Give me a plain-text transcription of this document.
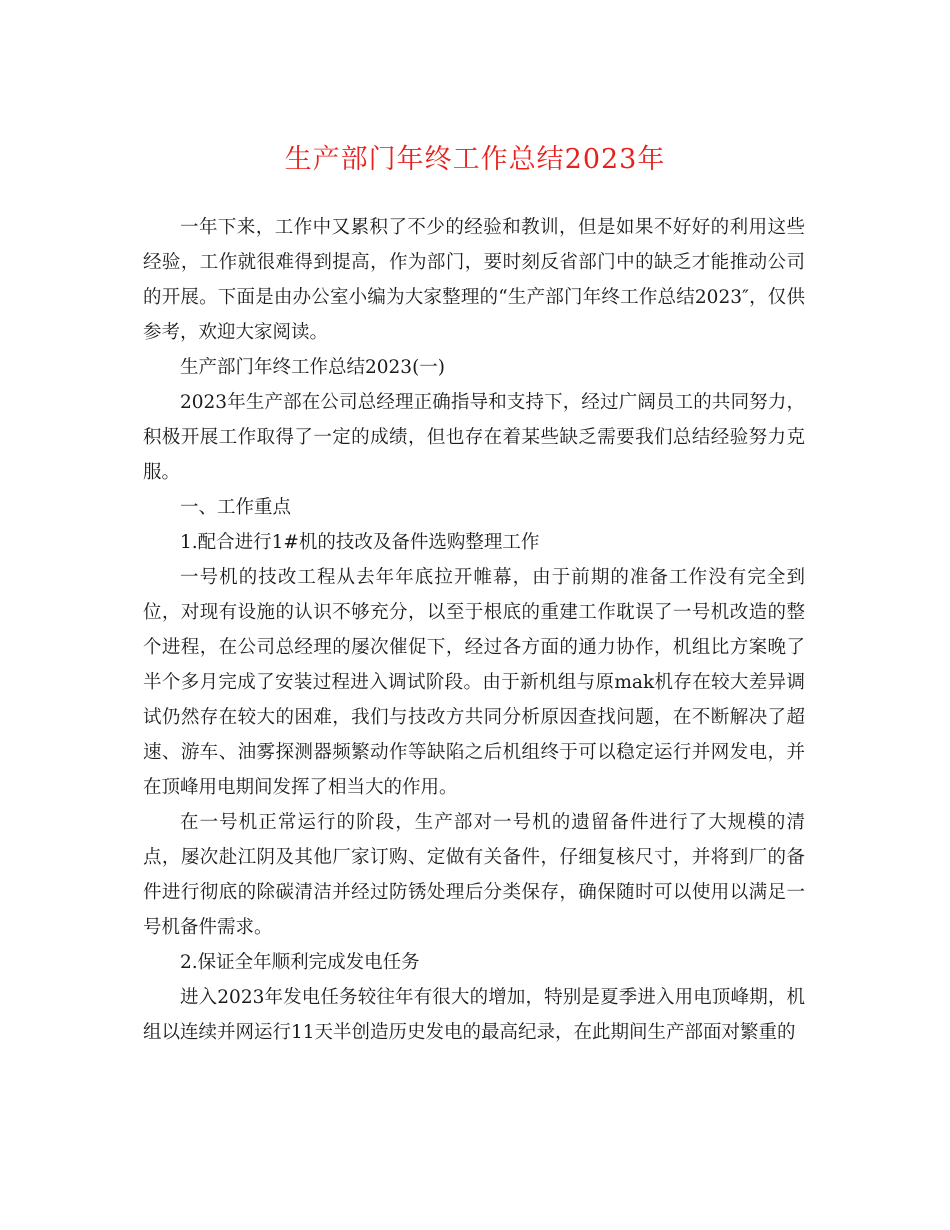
生产部门年终工作总结2023年

一年下来，工作中又累积了不少的经验和教训，但是如果不好好的利用这些经验，工作就很难得到提高，作为部门，要时刻反省部门中的缺乏才能推动公司的开展。下面是由办公室小编为大家整理的“生产部门年终工作总结2023″，仅供参考，欢迎大家阅读。

生产部门年终工作总结2023(一)

2023年生产部在公司总经理正确指导和支持下，经过广阔员工的共同努力，积极开展工作取得了一定的成绩，但也存在着某些缺乏需要我们总结经验努力克服。

一、工作重点

1.配合进行1#机的技改及备件选购整理工作

一号机的技改工程从去年年底拉开帷幕，由于前期的准备工作没有完全到位，对现有设施的认识不够充分，以至于根底的重建工作耽误了一号机改造的整个进程，在公司总经理的屡次催促下，经过各方面的通力协作，机组比方案晚了半个多月完成了安装过程进入调试阶段。由于新机组与原mak机存在较大差异调试仍然存在较大的困难，我们与技改方共同分析原因查找问题，在不断解决了超速、游车、油雾探测器频繁动作等缺陷之后机组终于可以稳定运行并网发电，并在顶峰用电期间发挥了相当大的作用。

在一号机正常运行的阶段，生产部对一号机的遗留备件进行了大规模的清点，屡次赴江阴及其他厂家订购、定做有关备件，仔细复核尺寸，并将到厂的备件进行彻底的除碳清洁并经过防锈处理后分类保存，确保随时可以使用以满足一号机备件需求。

2.保证全年顺利完成发电任务

进入2023年发电任务较往年有很大的增加，特别是夏季进入用电顶峰期，机组以连续并网运行11天半创造历史发电的最高纪录，在此期间生产部面对繁重的
